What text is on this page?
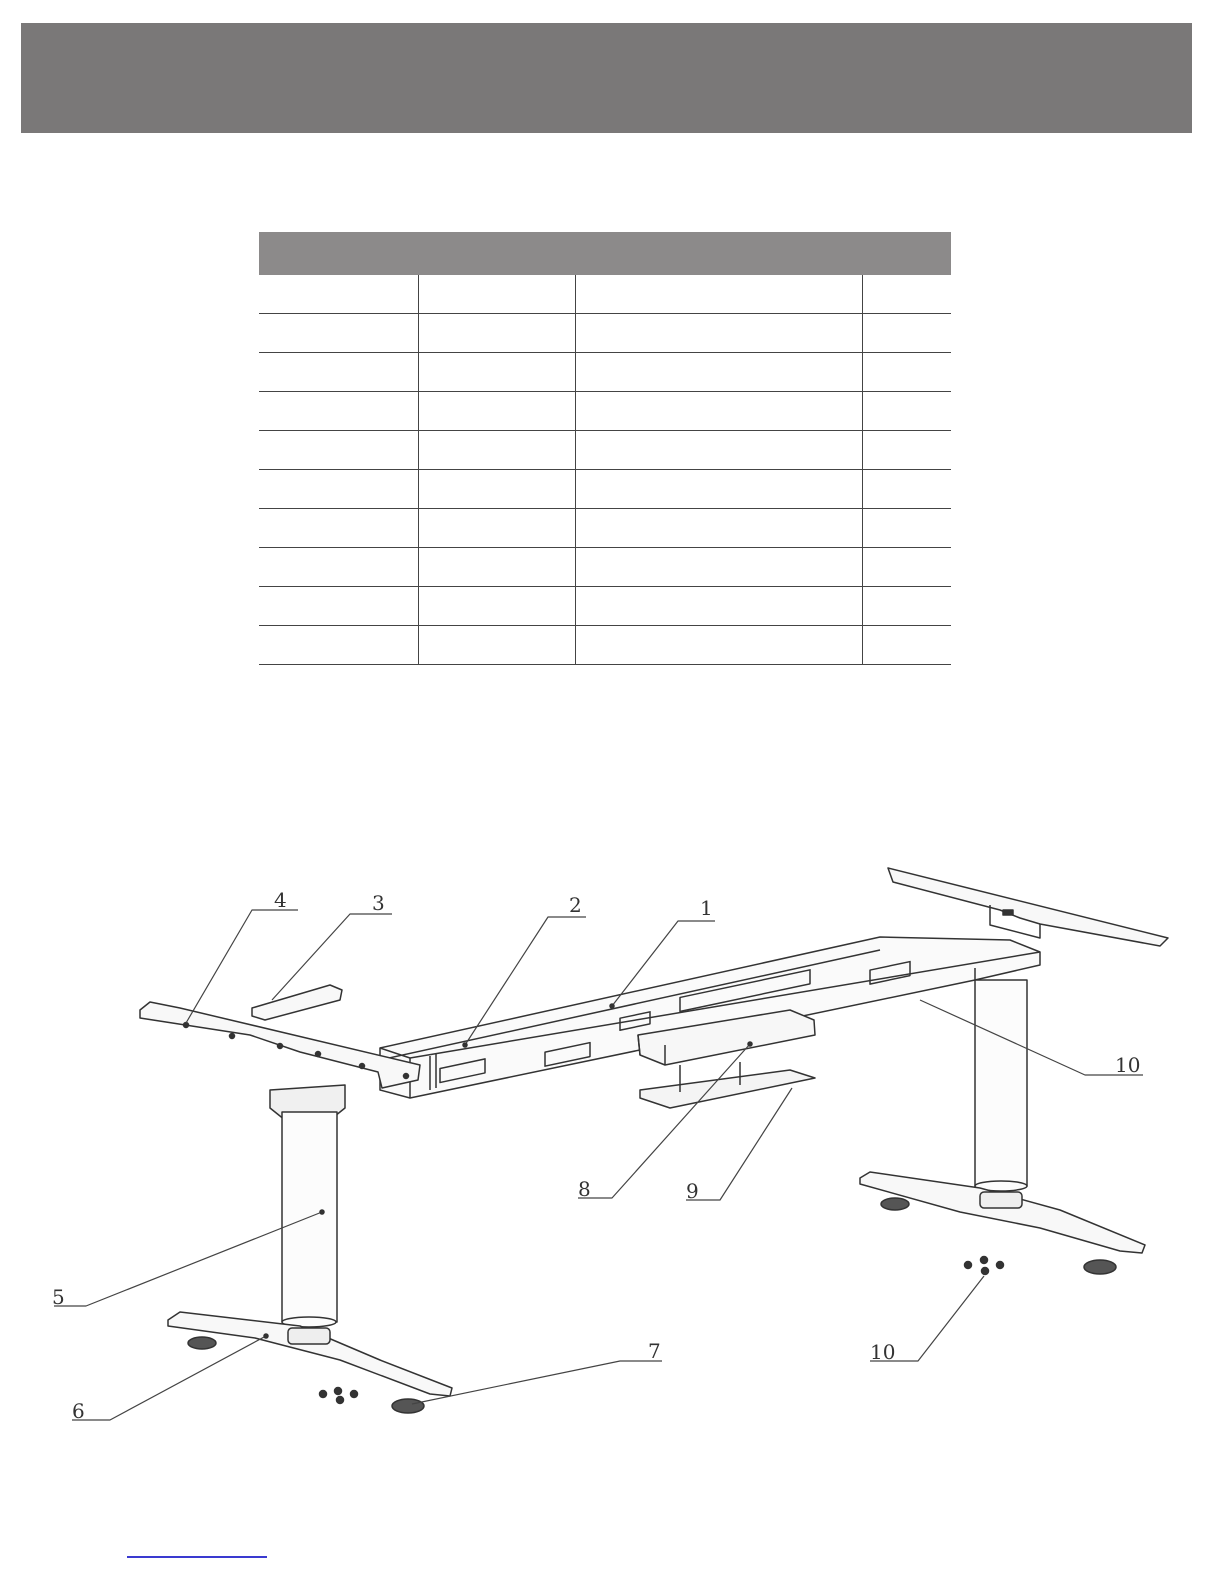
1
2
3
4
5
6
7
8	9
10
10
